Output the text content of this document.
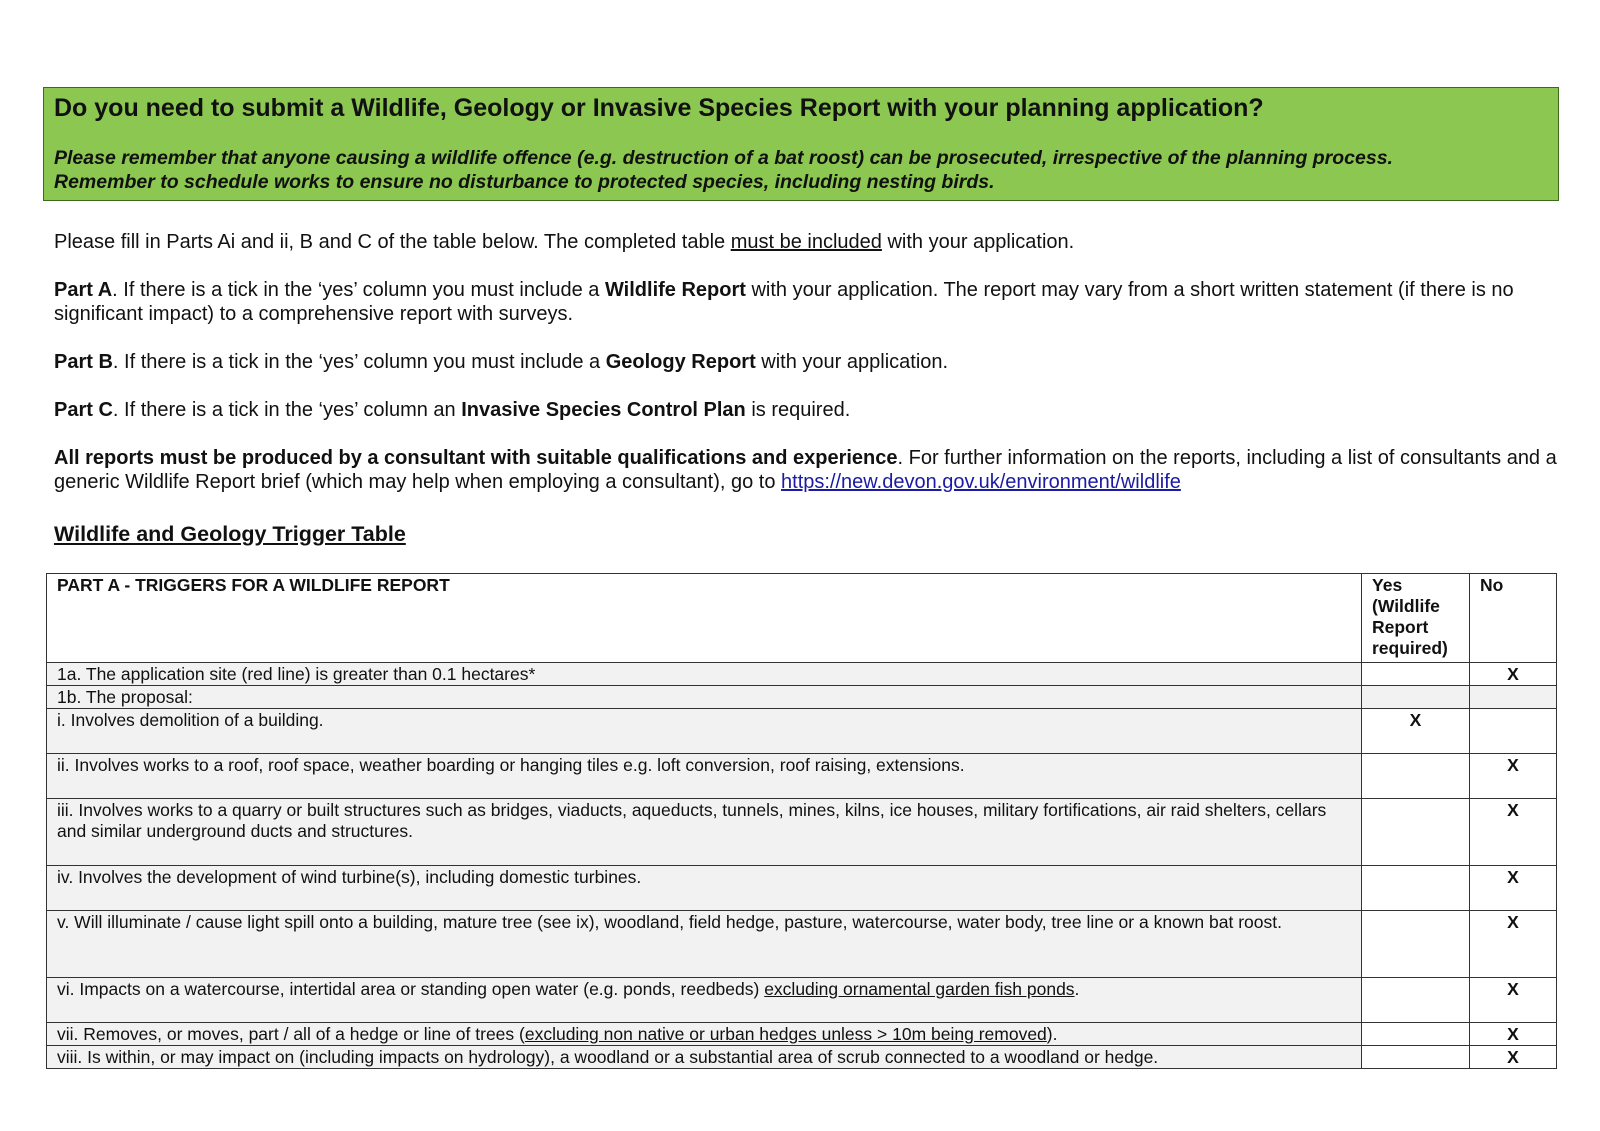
Do you need to submit a Wildlife, Geology or Invasive Species Report with your planning application?

Please remember that anyone causing a wildlife offence (e.g. destruction of a bat roost) can be prosecuted, irrespective of the planning process.
Remember to schedule works to ensure no disturbance to protected species, including nesting birds.

Please fill in Parts Ai and ii, B and C of the table below. The completed table must be included with your application.

Part A. If there is a tick in the ‘yes’ column you must include a Wildlife Report with your application. The report may vary from a short written statement (if there is no significant impact) to a comprehensive report with surveys.

Part B. If there is a tick in the ‘yes’ column you must include a Geology Report with your application.

Part C. If there is a tick in the ‘yes’ column an Invasive Species Control Plan is required.

All reports must be produced by a consultant with suitable qualifications and experience. For further information on the reports, including a list of consultants and a generic Wildlife Report brief (which may help when employing a consultant), go to https://new.devon.gov.uk/environment/wildlife

Wildlife and Geology Trigger Table
PART A - TRIGGERS FOR A WILDLIFE REPORT	Yes (Wildlife Report required)	No
1a. The application site (red line) is greater than 0.1 hectares*		X
1b. The proposal:		
i. Involves demolition of a building.	X	
ii. Involves works to a roof, roof space, weather boarding or hanging tiles e.g. loft conversion, roof raising, extensions.		X
iii. Involves works to a quarry or built structures such as bridges, viaducts, aqueducts, tunnels, mines, kilns, ice houses, military fortifications, air raid shelters, cellars and similar underground ducts and structures.		X
iv. Involves the development of wind turbine(s), including domestic turbines.		X
v. Will illuminate / cause light spill onto a building, mature tree (see ix), woodland, field hedge, pasture, watercourse, water body, tree line or a known bat roost.		X
vi. Impacts on a watercourse, intertidal area or standing open water (e.g. ponds, reedbeds) excluding ornamental garden fish ponds.		X
vii. Removes, or moves, part / all of a hedge or line of trees (excluding non native or urban hedges unless > 10m being removed).		X
viii. Is within, or may impact on (including impacts on hydrology), a woodland or a substantial area of scrub connected to a woodland or hedge.		X
